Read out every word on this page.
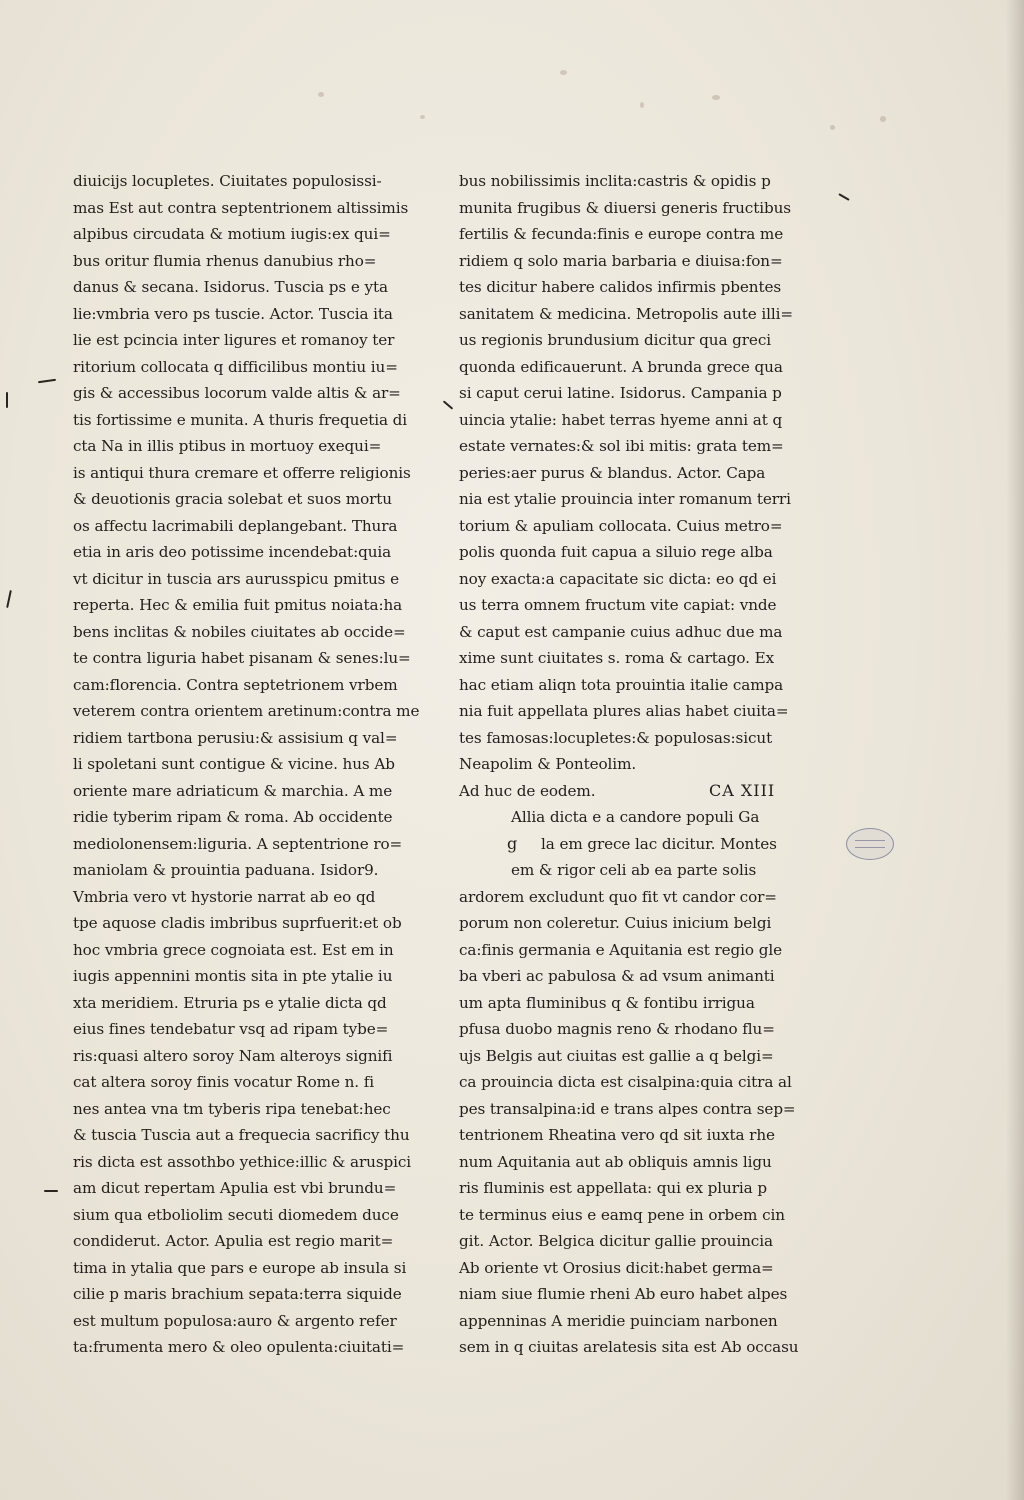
diuicijs locupletes. Ciuitates populosissi-
mas Est aut contra septentrionem altissimis
alpibus circudata & motium iugis:ex qui=
bus oritur flumia rhenus danubius rho=
danus & secana. Isidorus. Tuscia ps e yta
lie:vmbria vero ps tuscie. Actor. Tuscia ita
lie est pcincia inter ligures et romanoy ter
ritorium collocata q difficilibus montiu iu=
gis & accessibus locorum valde altis & ar=
tis fortissime e munita. A thuris frequetia di
cta Na in illis ptibus in mortuoy exequi=
is antiqui thura cremare et offerre religionis
& deuotionis gracia solebat et suos mortu
os affectu lacrimabili deplangebant. Thura
etia in aris deo potissime incendebat:quia
vt dicitur in tuscia ars aurusspicu pmitus e
reperta. Hec & emilia fuit pmitus noiata:ha
bens inclitas & nobiles ciuitates ab occide=
te contra liguria habet pisanam & senes:lu=
cam:florencia. Contra septetrionem vrbem
veterem contra orientem aretinum:contra me
ridiem tartbona perusiu:& assisium q val=
li spoletani sunt contigue & vicine. hus Ab
oriente mare adriaticum & marchia. A me
ridie tyberim ripam & roma. Ab occidente
mediolonensem:liguria. A septentrione ro=
maniolam & prouintia paduana. Isidor9.
Vmbria vero vt hystorie narrat ab eo qd
tpe aquose cladis imbribus suprfuerit:et ob
hoc vmbria grece cognoiata est. Est em in
iugis appennini montis sita in pte ytalie iu
xta meridiem. Etruria ps e ytalie dicta qd
eius fines tendebatur vsq ad ripam tybe=
ris:quasi altero soroy Nam alteroys signifi
cat altera soroy finis vocatur Rome n. fi
nes antea vna tm tyberis ripa tenebat:hec
& tuscia Tuscia aut a frequecia sacrificy thu
ris dicta est assothbo yethice:illic & aruspici
am dicut repertam Apulia est vbi brundu=
sium qua etboliolim secuti diomedem duce
condiderut. Actor. Apulia est regio marit=
tima in ytalia que pars e europe ab insula si
cilie p maris brachium sepata:terra siquide
est multum populosa:auro & argento refer
ta:frumenta mero & oleo opulenta:ciuitati=
bus nobilissimis inclita:castris & opidis p
munita frugibus & diuersi generis fructibus
fertilis & fecunda:finis e europe contra me
ridiem q solo maria barbaria e diuisa:fon=
tes dicitur habere calidos infirmis pbentes
sanitatem & medicina. Metropolis aute illi=
us regionis brundusium dicitur qua greci
quonda edificauerunt. A brunda grece qua
si caput cerui latine. Isidorus. Campania p
uincia ytalie: habet terras hyeme anni at q
estate vernates:& sol ibi mitis: grata tem=
peries:aer purus & blandus. Actor. Capa
nia est ytalie prouincia inter romanum terri
torium & apuliam collocata. Cuius metro=
polis quonda fuit capua a siluio rege alba
noy exacta:a capacitate sic dicta: eo qd ei
us terra omnem fructum vite capiat: vnde
& caput est campanie cuius adhuc due ma
xime sunt ciuitates s. roma & cartago. Ex
hac etiam aliqn tota prouintia italie campa
nia fuit appellata plures alias habet ciuita=
tes famosas:locupletes:& populosas:sicut
Neapolim & Ponteolim.
Ad huc de eodem.	CA XIII
Allia dicta e a candore populi Ga
g la em grece lac dicitur. Montes
em & rigor celi ab ea parte solis
ardorem excludunt quo fit vt candor cor=
porum non coleretur. Cuius inicium belgi
ca:finis germania e Aquitania est regio gle
ba vberi ac pabulosa & ad vsum animanti
um apta fluminibus q & fontibu irrigua
pfusa duobo magnis reno & rhodano flu=
ujs Belgis aut ciuitas est gallie a q belgi=
ca prouincia dicta est cisalpina:quia citra al
pes transalpina:id e trans alpes contra sep=
tentrionem Rheatina vero qd sit iuxta rhe
num Aquitania aut ab obliquis amnis ligu
ris fluminis est appellata: qui ex pluria p
te terminus eius e eamq pene in orbem cin
git. Actor. Belgica dicitur gallie prouincia
Ab oriente vt Orosius dicit:habet germa=
niam siue flumie rheni Ab euro habet alpes
appenninas A meridie puinciam narbonen
sem in q ciuitas arelatesis sita est Ab occasu
